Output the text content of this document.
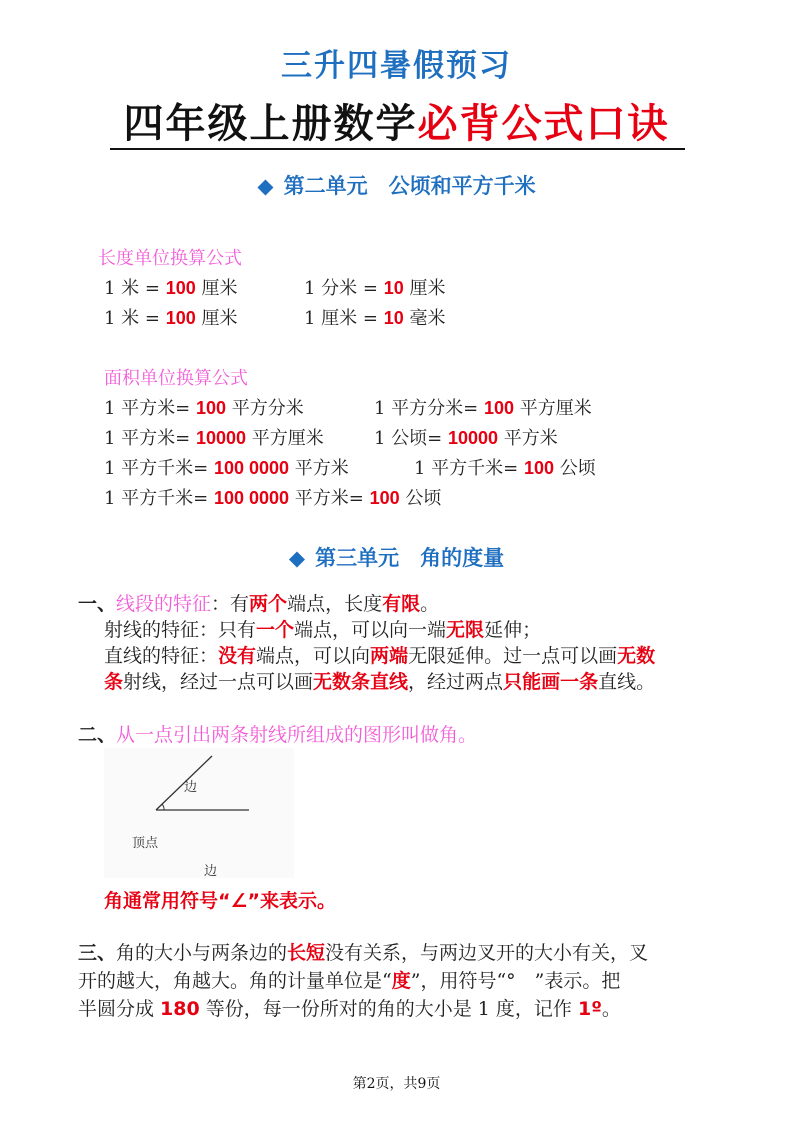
三升四暑假预习
四年级上册数学必背公式口诀
◆ 第二单元　公顷和平方千米
长度单位换算公式
1 米 = 100 厘米	1 分米 = 10 厘米
1 米 = 100 厘米	1 厘米 = 10 毫米
面积单位换算公式
1 平方米= 100 平方分米	1 平方分米= 100 平方厘米
1 平方米= 10000 平方厘米	1 公顷= 10000 平方米
1 平方千米= 100 0000 平方米	1 平方千米= 100 公顷
1 平方千米= 100 0000 平方米= 100 公顷
◆ 第三单元　角的度量
一、线段的特征：有两个端点，长度有限。
射线的特征：只有一个端点，可以向一端无限延伸；
直线的特征：没有端点，可以向两端无限延伸。过一点可以画无数
条射线，经过一点可以画无数条直线，经过两点只能画一条直线。
二、从一点引出两条射线所组成的图形叫做角。
边
顶点
边
角通常用符号“∠”来表示。
三、角的大小与两条边的长短没有关系，与两边叉开的大小有关，叉
开的越大，角越大。角的计量单位是“度”，用符号“°　”表示。把
半圆分成 180 等份，每一份所对的角的大小是 1 度，记作 1º。
第2页，共9页
